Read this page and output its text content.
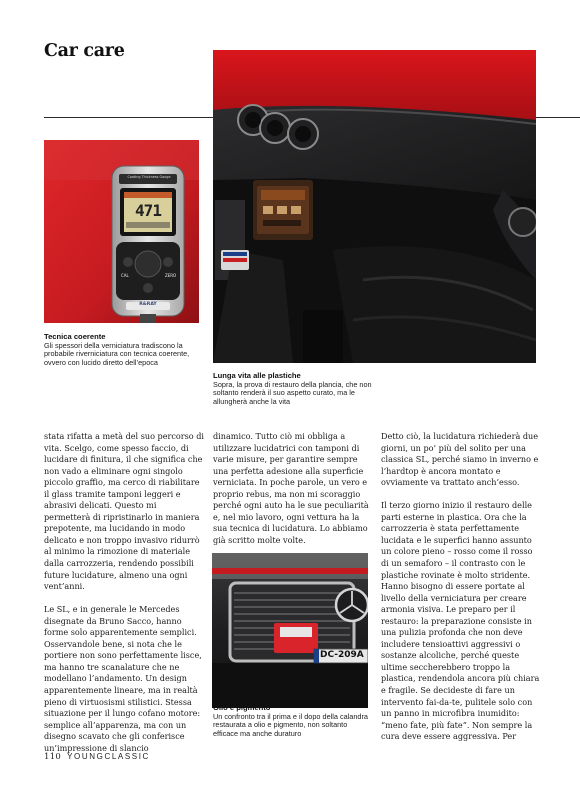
Car care
Coating Thickness Gauge
471
CAL	ZERO
R&RAY
DC-209A
Tecnica coerente
Gli spessori della verniciatura tradiscono la probabile riverniciatura con tecnica coerente, ovvero con lucido diretto dell’epoca
Lunga vita alle plastiche
Sopra, la prova di restauro della plancia, che non soltanto renderà il suo aspetto curato, ma le allungherà anche la vita
Olio e pigmento
Un confronto tra il prima e il dopo della calandra restaurata a olio e pigmento, non soltanto efficace ma anche duraturo

stata rifatta a metà del suo percorso di vita. Scelgo, come spesso faccio, di lucidare di finitura, il che significa che non vado a eliminare ogni singolo piccolo graffio, ma cerco di riabilitare il glass tramite tamponi leggeri e abrasivi delicati. Questo mi permetterà di ripristinarlo in maniera prepotente, ma lucidando in modo delicato e non troppo invasivo ridurrò al minimo la rimozione di materiale dalla carrozzeria, rendendo possibili future lucidature, almeno una ogni vent’anni.

Le SL, e in generale le Mercedes disegnate da Bruno Sacco, hanno forme solo apparentemente semplici. Osservandole bene, si nota che le portiere non sono perfettamente lisce, ma hanno tre scanalature che ne modellano l’andamento. Un design apparentemente lineare, ma in realtà pieno di virtuosismi stilistici. Stessa situazione per il lungo cofano motore: semplice all’apparenza, ma con un disegno scavato che gli conferisce un’impressione di slancio

dinamico. Tutto ciò mi obbliga a utilizzare lucidatrici con tamponi di varie misure, per garantire sempre una perfetta adesione alla superficie verniciata. In poche parole, un vero e proprio rebus, ma non mi scoraggio perché ogni auto ha le sue peculiarità e, nel mio lavoro, ogni vettura ha la sua tecnica di lucidatura. Lo abbiamo già scritto molte volte.

Detto ciò, la lucidatura richiederà due giorni, un po’ più del solito per una classica SL, perché siamo in inverno e l’hardtop è ancora montato e ovviamente va trattato anch’esso.

Il terzo giorno inizio il restauro delle parti esterne in plastica. Ora che la carrozzeria è stata perfettamente lucidata e le superfici hanno assunto un colore pieno – rosso come il rosso di un semaforo – il contrasto con le plastiche rovinate è molto stridente. Hanno bisogno di essere portate al livello della verniciatura per creare armonia visiva. Le preparo per il restauro: la preparazione consiste in una pulizia profonda che non deve includere tensioattivi aggressivi o sostanze alcoliche, perché queste ultime seccherebbero troppo la plastica, rendendola ancora più chiara e fragile. Se decideste di fare un intervento fai-da-te, pulitele solo con un panno in microfibra inumidito: “meno fate, più fate”. Non sempre la cura deve essere aggressiva. Per

110 YOUNGCLASSIC
